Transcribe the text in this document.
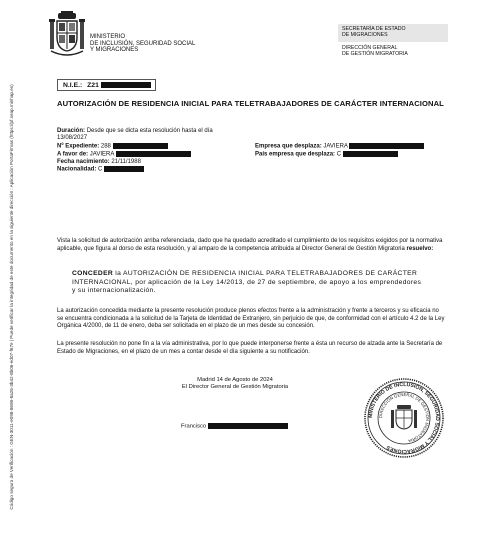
Código seguro de Verificación : GEN-3011-e098-8698-8a26-3b42-8b06-ed07-f67e | Puede verificar la integridad de este documento en la siguiente dirección : Aplicación PortaFirmas (https://pf.seap.minhap.es)
MINISTERIO
DE INCLUSIÓN, SEGURIDAD SOCIAL
Y MIGRACIONES
SECRETARÍA DE ESTADO
DE MIGRACIONES
DIRECCIÓN GENERAL
DE GESTIÓN MIGRATORIA
N.I.E.: Z21
AUTORIZACIÓN DE RESIDENCIA INICIAL PARA TELETRABAJADORES DE CARÁCTER INTERNACIONAL
Duración: Desde que se dicta esta resolución hasta el día
13/08/2027
Nº Expediente: 288
A favor de: JAVIERA
Fecha nacimiento: 21/11/1988
Nacionalidad: C
Empresa que desplaza: JAVIERA
País empresa que desplaza: C
Vista la solicitud de autorización arriba referenciada, dado que ha quedado acreditado el cumplimiento de los requisitos exigidos por la normativa aplicable, que figura al dorso de esta resolución, y al amparo de la competencia atribuida al Director General de Gestión Migratoria resuelvo:
CONCEDER la AUTORIZACIÓN DE RESIDENCIA INICIAL PARA TELETRABAJADORES DE CARÁCTER INTERNACIONAL, por aplicación de la Ley 14/2013, de 27 de septiembre, de apoyo a los emprendedores y su internacionalización.
La autorización concedida mediante la presente resolución produce plenos efectos frente a la administración y frente a terceros y su eficacia no se encuentra condicionada a la solicitud de la Tarjeta de Identidad de Extranjero, sin perjuicio de que, de conformidad con el artículo 4.2 de la Ley Orgánica 4/2000, de 11 de enero, deba ser solicitada en el plazo de un mes desde su concesión.
La presente resolución no pone fin a la vía administrativa, por lo que puede interponerse frente a ésta un recurso de alzada ante la Secretaría de Estado de Migraciones, en el plazo de un mes a contar desde el día siguiente a su notificación.
Madrid 14 de Agosto de 2024
El Director General de Gestión Migratoria
Francisco
MINISTERIO DE INCLUSIÓN, SEGURIDAD SOCIAL Y MIGRACIONES
DIRECCIÓN GENERAL DE GESTIÓN MIGRATORIA
